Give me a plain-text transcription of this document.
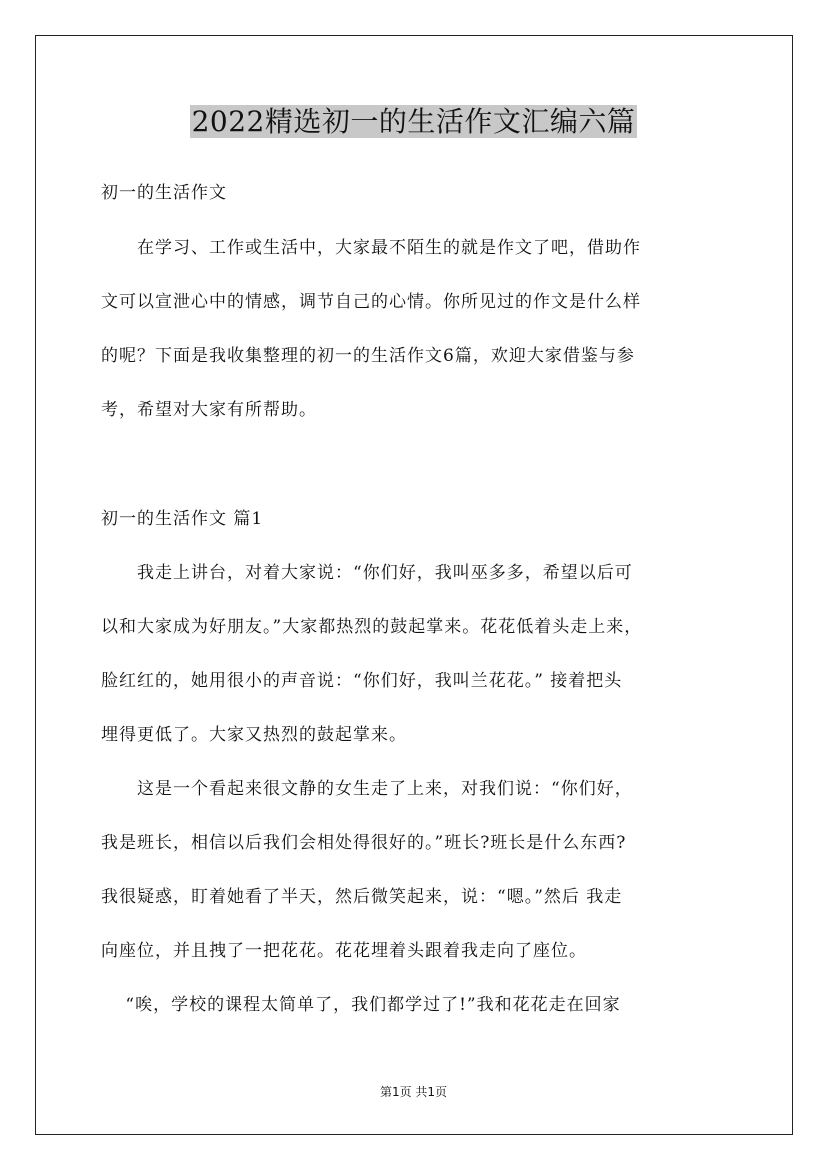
2022精选初一的生活作文汇编六篇
初一的生活作文
　　在学习、工作或生活中，大家最不陌生的就是作文了吧，借助作
文可以宣泄心中的情感，调节自己的心情。你所见过的作文是什么样
的呢？下面是我收集整理的初一的生活作文6篇，欢迎大家借鉴与参
考，希望对大家有所帮助。
初一的生活作文 篇1
　　我走上讲台，对着大家说：“你们好，我叫巫多多，希望以后可
以和大家成为好朋友。”大家都热烈的鼓起掌来。花花低着头走上来，
脸红红的，她用很小的声音说：“你们好，我叫兰花花。” 接着把头
埋得更低了。大家又热烈的鼓起掌来。
　　这是一个看起来很文静的女生走了上来，对我们说：“你们好，
我是班长，相信以后我们会相处得很好的。”班长?班长是什么东西?
我很疑惑，盯着她看了半天，然后微笑起来，说：“嗯。”然后 我走
向座位，并且拽了一把花花。花花埋着头跟着我走向了座位。
　 “唉，学校的课程太简单了，我们都学过了!”我和花花走在回家
第1页 共1页
